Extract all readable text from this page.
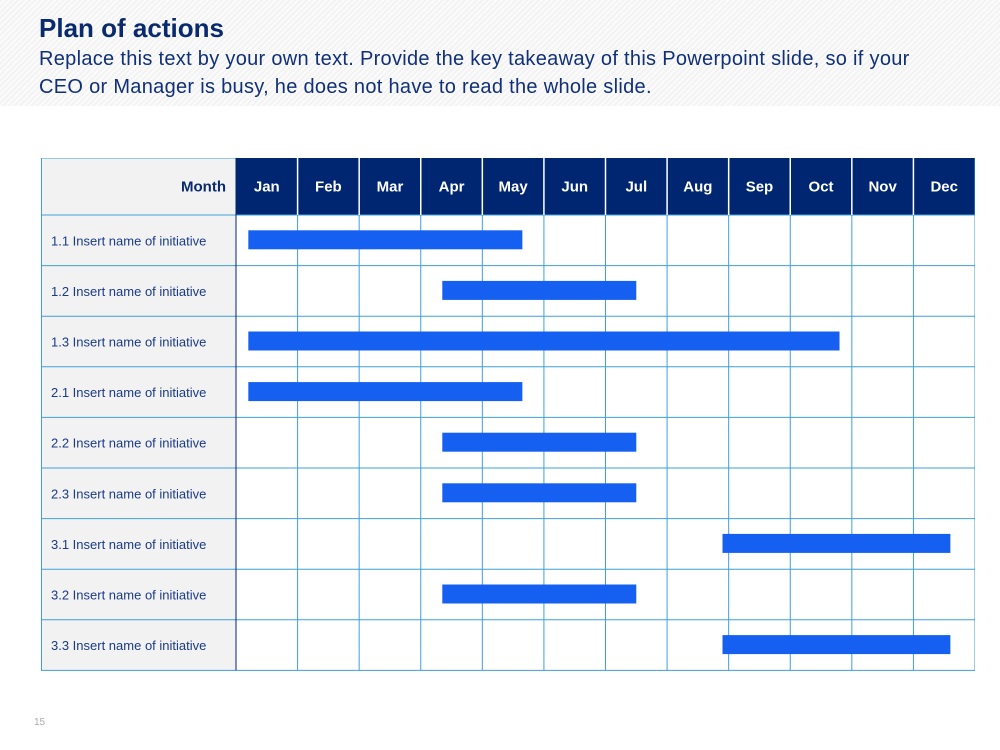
Plan of actions

Replace this text by your own text. Provide the key takeaway of this Powerpoint slide, so if your CEO or Manager is busy, he does not have to read the whole slide.

Month Jan Feb Mar Apr May Jun Jul Aug Sep Oct Nov Dec
1.1 Insert name of initiative
1.2 Insert name of initiative
1.3 Insert name of initiative
2.1 Insert name of initiative
2.2 Insert name of initiative
2.3 Insert name of initiative
3.1 Insert name of initiative
3.2 Insert name of initiative
3.3 Insert name of initiative
15
